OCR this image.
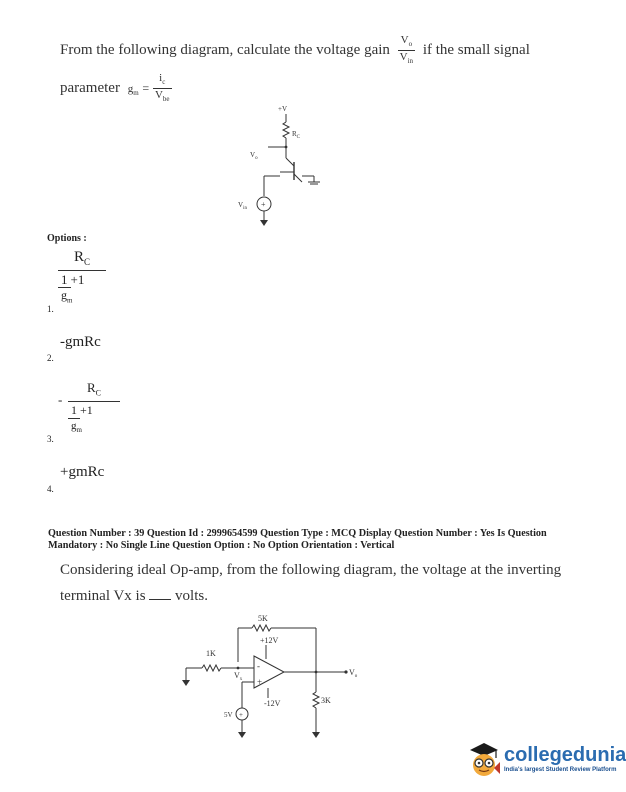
From the following diagram, calculate the voltage gain $\frac{V_o}{V_{in}}$ if the small signal
parameter $g_m = \frac{i_c}{V_{be}}$
+V
$R_C$
$V_o$
+
$V_{in}$
Options :
$R_C$
1 +1
$g_m$
1.
-gmRc
2.
-
$R_C$
1 +1
$g_m$
3.
+gmRc
4.
Question Number : 39 Question Id : 2999654599 Question Type : MCQ Display Question Number : Yes Is Question
Mandatory : No Single Line Question Option : No Option Orientation : Vertical
Considering ideal Op-amp, from the following diagram, the voltage at the inverting
terminal Vx is volts.
5K
+12V
1K
$V_x$
-
+
$V_o$
+
5V
-12V	3K
collegedunia
India's largest Student Review Platform
